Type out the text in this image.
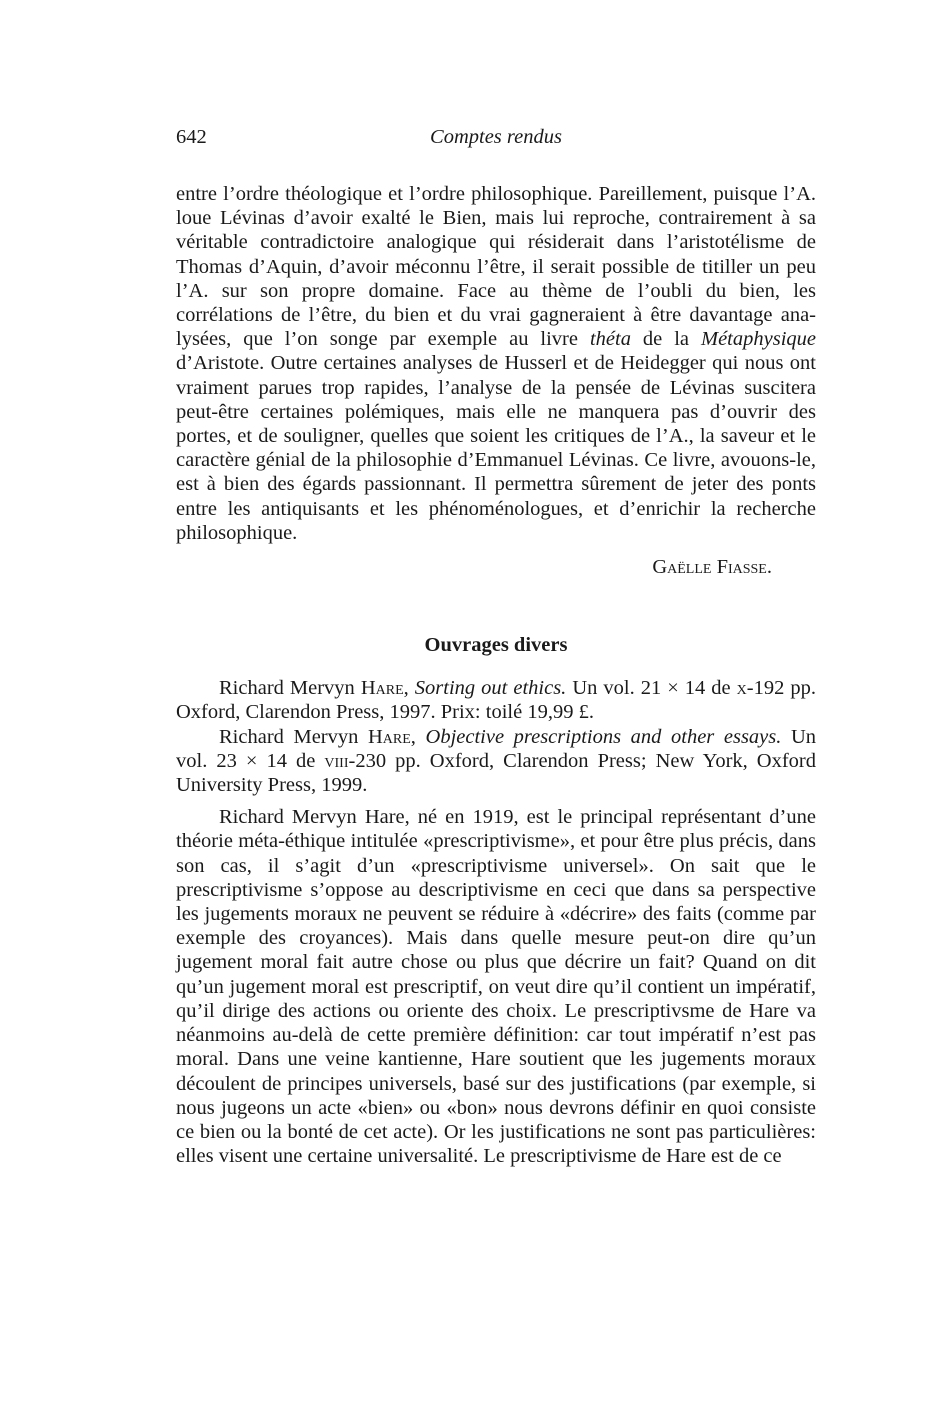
642	Comptes rendus

entre l’ordre théologique et l’ordre philosophique. Pareillement, puisque l’A. loue Lévinas d’avoir exalté le Bien, mais lui reproche, contrairement à sa véritable contradictoire analogique qui résiderait dans l’aristotélisme de Thomas d’Aquin, d’avoir méconnu l’être, il serait possible de titiller un peu l’A. sur son propre domaine. Face au thème de l’oubli du bien, les corrélations de l’être, du bien et du vrai gagneraient à être davantage analysées, que l’on songe par exemple au livre théta de la Métaphysique d’Aristote. Outre certaines analyses de Husserl et de Heidegger qui nous ont vraiment parues trop rapides, l’analyse de la pensée de Lévinas suscitera peut-être certaines polémiques, mais elle ne manquera pas d’ouvrir des portes, et de souligner, quelles que soient les critiques de l’A., la saveur et le caractère génial de la philosophie d’Emmanuel Lévinas. Ce livre, avouons-le, est à bien des égards passionnant. Il permettra sûrement de jeter des ponts entre les antiquisants et les phénoménologues, et d’enrichir la recherche philosophique.

Gaëlle Fiasse.
Ouvrages divers

Richard Mervyn Hare, Sorting out ethics. Un vol. 21 × 14 de x-192 pp. Oxford, Clarendon Press, 1997. Prix: toilé 19,99 £.

Richard Mervyn Hare, Objective prescriptions and other essays. Un vol. 23 × 14 de viii-230 pp. Oxford, Clarendon Press; New York, Oxford University Press, 1999.

Richard Mervyn Hare, né en 1919, est le principal représentant d’une théorie méta-éthique intitulée «prescriptivisme», et pour être plus précis, dans son cas, il s’agit d’un «prescriptivisme universel». On sait que le prescriptivisme s’oppose au descriptivisme en ceci que dans sa perspective les jugements moraux ne peuvent se réduire à «décrire» des faits (comme par exemple des croyances). Mais dans quelle mesure peut-on dire qu’un jugement moral fait autre chose ou plus que décrire un fait? Quand on dit qu’un jugement moral est prescriptif, on veut dire qu’il contient un impératif, qu’il dirige des actions ou oriente des choix. Le prescriptivsme de Hare va néanmoins au-delà de cette première définition: car tout impératif n’est pas moral. Dans une veine kantienne, Hare soutient que les jugements moraux découlent de principes universels, basé sur des justifications (par exemple, si nous jugeons un acte «bien» ou «bon» nous devrons définir en quoi consiste ce bien ou la bonté de cet acte). Or les justifications ne sont pas particulières: elles visent une certaine universalité. Le prescriptivisme de Hare est de ce
